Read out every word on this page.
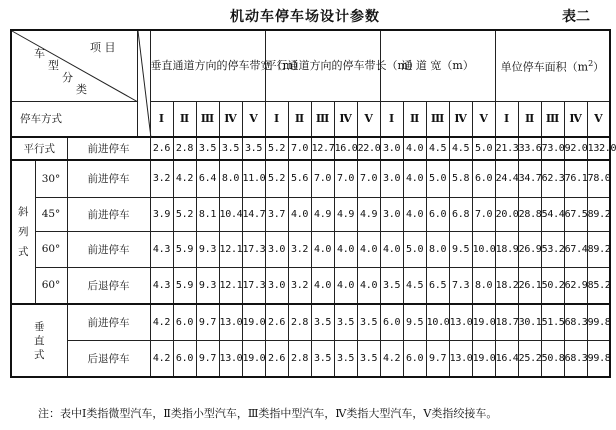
机动车停车场设计参数	表二
项 目
车
型
分
类				垂直通道方向的停车带宽（m）					平行通道方向的停车带长（m）					通 道 宽（m）					单位停车面积$(m^2)$				
停车方式				Ⅰ	Ⅱ	Ⅲ	Ⅳ	Ⅴ	Ⅰ	Ⅱ	Ⅲ	Ⅳ	Ⅴ	Ⅰ	Ⅱ	Ⅲ	Ⅳ	Ⅴ	Ⅰ	Ⅱ	Ⅲ	Ⅳ	Ⅴ
平行式		前进停车		2.6	2.8	3.5	3.5	3.5	5.2	7.0	12.7	16.0	22.0	3.0	4.0	4.5	4.5	5.0	21.3	33.6	73.0	92.0	132.0

斜
列
式	30°	前进停车		3.2	4.2	6.4	8.0	11.0	5.2	5.6	7.0	7.0	7.0	3.0	4.0	5.0	5.8	6.0	24.4	34.7	62.3	76.1	78.0
	45°	前进停车		3.9	5.2	8.1	10.4	14.7	3.7	4.0	4.9	4.9	4.9	3.0	4.0	6.0	6.8	7.0	20.0	28.8	54.4	67.5	89.2
	60°	前进停车		4.3	5.9	9.3	12.1	17.3	3.0	3.2	4.0	4.0	4.0	4.0	5.0	8.0	9.5	10.0	18.9	26.9	53.2	67.4	89.2
	60°	后退停车		4.3	5.9	9.3	12.1	17.3	3.0	3.2	4.0	4.0	4.0	3.5	4.5	6.5	7.3	8.0	18.2	26.1	50.2	62.9	85.2

垂
直
式		前进停车		4.2	6.0	9.7	13.0	19.0	2.6	2.8	3.5	3.5	3.5	6.0	9.5	10.0	13.0	19.0	18.7	30.1	51.5	68.3	99.8
		后退停车		4.2	6.0	9.7	13.0	19.0	2.6	2.8	3.5	3.5	3.5	4.2	6.0	9.7	13.0	19.0	16.4	25.2	50.8	68.3	99.8
注：表中Ⅰ类指微型汽车，Ⅱ类指小型汽车，Ⅲ类指中型汽车，Ⅳ类指大型汽车，Ⅴ类指绞接车。
